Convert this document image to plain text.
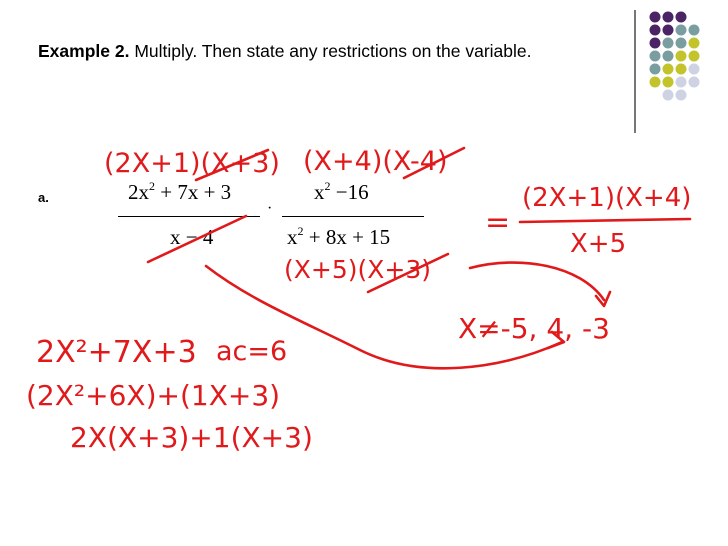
Example 2. Multiply. Then state any restrictions on the variable.
a.	$2x^2 + 7x + 3$
x − 4
·
$x^2 -16$
$x^2 + 8x + 15$
(2X+1)(X+3) (X+4)(X-4)
(X+5)(X+3)
=
(2X+1)(X+4)
X+5
X≠-5, 4, -3
2X²+7X+3 ac=6
(2X²+6X)+(1X+3)
2X(X+3)+1(X+3)
